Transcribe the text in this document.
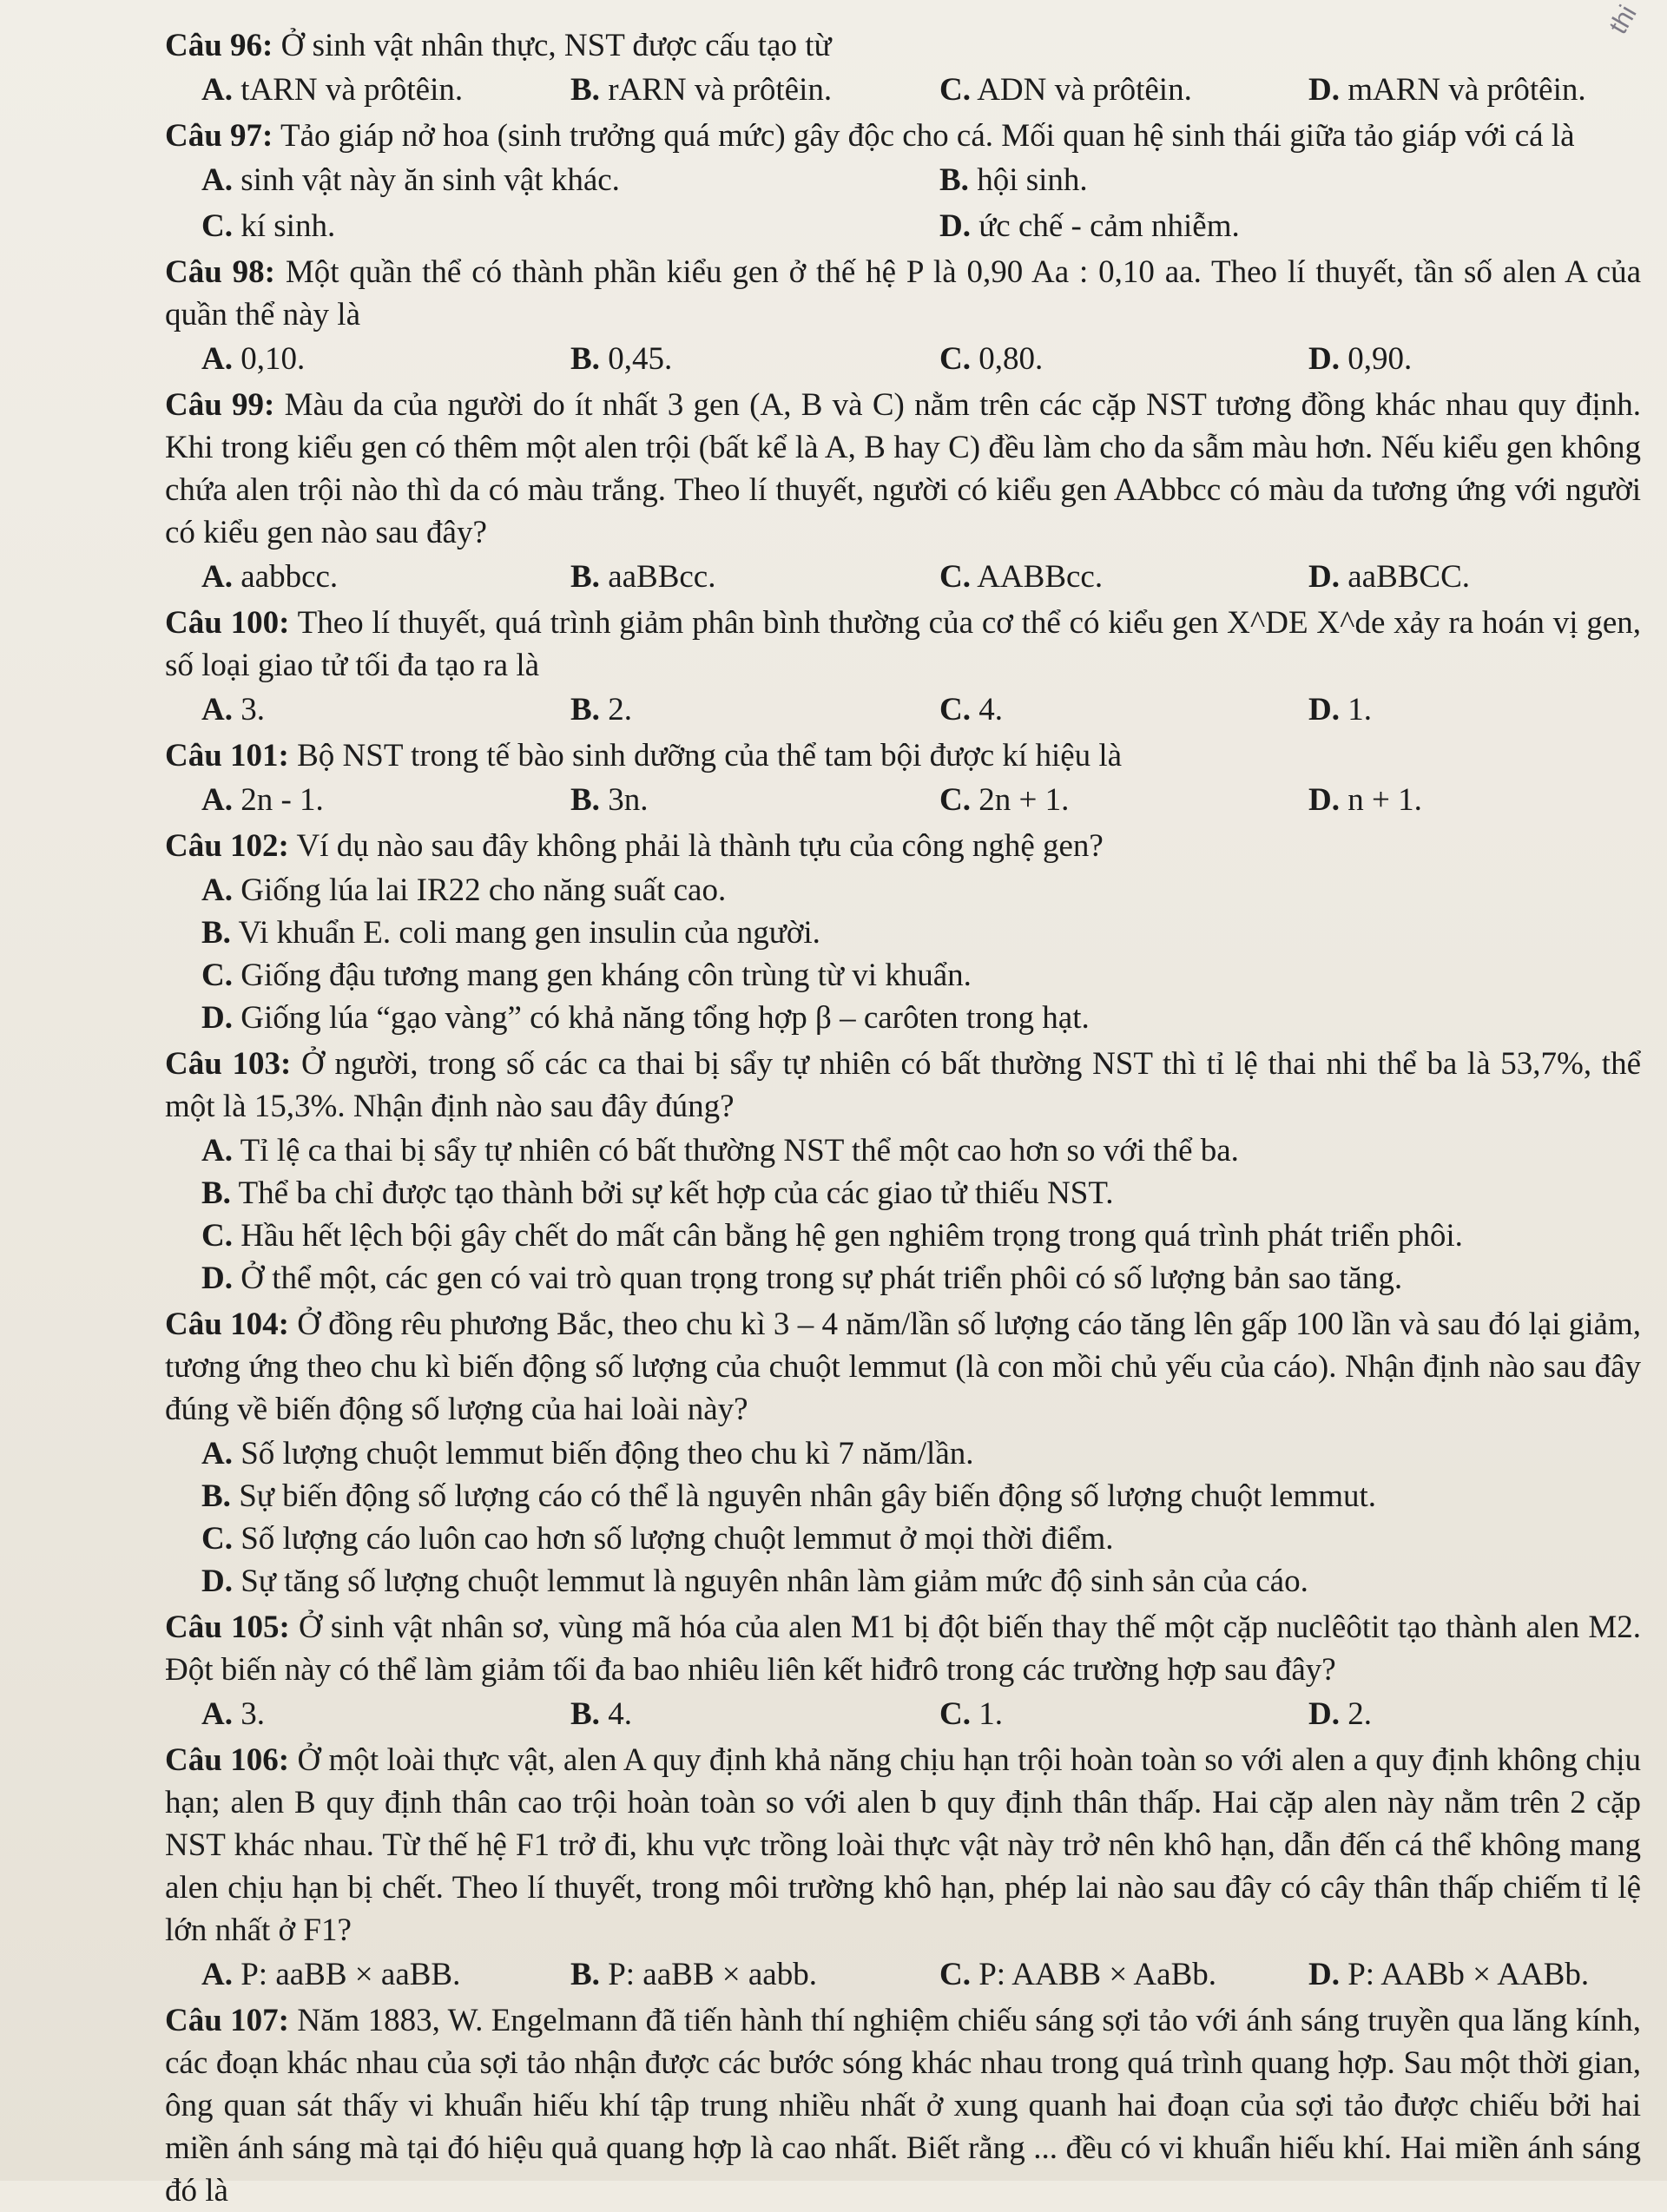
thi

Câu 96: Ở sinh vật nhân thực, NST được cấu tạo từ

A. tARN và prôtêin.	B. rARN và prôtêin.	C. ADN và prôtêin.	D. mARN và prôtêin.

Câu 97: Tảo giáp nở hoa (sinh trưởng quá mức) gây độc cho cá. Mối quan hệ sinh thái giữa tảo giáp với cá là

A. sinh vật này ăn sinh vật khác.	B. hội sinh.
C. kí sinh.	D. ức chế - cảm nhiễm.

Câu 98: Một quần thể có thành phần kiểu gen ở thế hệ P là 0,90 Aa : 0,10 aa. Theo lí thuyết, tần số alen A của quần thể này là

A. 0,10.	B. 0,45.	C. 0,80.	D. 0,90.

Câu 99: Màu da của người do ít nhất 3 gen (A, B và C) nằm trên các cặp NST tương đồng khác nhau quy định. Khi trong kiểu gen có thêm một alen trội (bất kể là A, B hay C) đều làm cho da sẫm màu hơn. Nếu kiểu gen không chứa alen trội nào thì da có màu trắng. Theo lí thuyết, người có kiểu gen AAbbcc có màu da tương ứng với người có kiểu gen nào sau đây?

A. aabbcc.	B. aaBBcc.	C. AABBcc.	D. aaBBCC.

Câu 100: Theo lí thuyết, quá trình giảm phân bình thường của cơ thể có kiểu gen X^DE X^de xảy ra hoán vị gen, số loại giao tử tối đa tạo ra là

A. 3.	B. 2.	C. 4.	D. 1.

Câu 101: Bộ NST trong tế bào sinh dưỡng của thể tam bội được kí hiệu là

A. 2n - 1.	B. 3n.	C. 2n + 1.	D. n + 1.

Câu 102: Ví dụ nào sau đây không phải là thành tựu của công nghệ gen?

A. Giống lúa lai IR22 cho năng suất cao.
B. Vi khuẩn E. coli mang gen insulin của người.
C. Giống đậu tương mang gen kháng côn trùng từ vi khuẩn.
D. Giống lúa “gạo vàng” có khả năng tổng hợp β – carôten trong hạt.

Câu 103: Ở người, trong số các ca thai bị sẩy tự nhiên có bất thường NST thì tỉ lệ thai nhi thể ba là 53,7%, thể một là 15,3%. Nhận định nào sau đây đúng?

A. Tỉ lệ ca thai bị sẩy tự nhiên có bất thường NST thể một cao hơn so với thể ba.
B. Thể ba chỉ được tạo thành bởi sự kết hợp của các giao tử thiếu NST.
C. Hầu hết lệch bội gây chết do mất cân bằng hệ gen nghiêm trọng trong quá trình phát triển phôi.
D. Ở thể một, các gen có vai trò quan trọng trong sự phát triển phôi có số lượng bản sao tăng.

Câu 104: Ở đồng rêu phương Bắc, theo chu kì 3 – 4 năm/lần số lượng cáo tăng lên gấp 100 lần và sau đó lại giảm, tương ứng theo chu kì biến động số lượng của chuột lemmut (là con mồi chủ yếu của cáo). Nhận định nào sau đây đúng về biến động số lượng của hai loài này?

A. Số lượng chuột lemmut biến động theo chu kì 7 năm/lần.
B. Sự biến động số lượng cáo có thể là nguyên nhân gây biến động số lượng chuột lemmut.
C. Số lượng cáo luôn cao hơn số lượng chuột lemmut ở mọi thời điểm.
D. Sự tăng số lượng chuột lemmut là nguyên nhân làm giảm mức độ sinh sản của cáo.

Câu 105: Ở sinh vật nhân sơ, vùng mã hóa của alen M1 bị đột biến thay thế một cặp nuclêôtit tạo thành alen M2. Đột biến này có thể làm giảm tối đa bao nhiêu liên kết hiđrô trong các trường hợp sau đây?

A. 3.	B. 4.	C. 1.	D. 2.

Câu 106: Ở một loài thực vật, alen A quy định khả năng chịu hạn trội hoàn toàn so với alen a quy định không chịu hạn; alen B quy định thân cao trội hoàn toàn so với alen b quy định thân thấp. Hai cặp alen này nằm trên 2 cặp NST khác nhau. Từ thế hệ F1 trở đi, khu vực trồng loài thực vật này trở nên khô hạn, dẫn đến cá thể không mang alen chịu hạn bị chết. Theo lí thuyết, trong môi trường khô hạn, phép lai nào sau đây có cây thân thấp chiếm tỉ lệ lớn nhất ở F1?

A. P: aaBB × aaBB.	B. P: aaBB × aabb.	C. P: AABB × AaBb.	D. P: AABb × AABb.

Câu 107: Năm 1883, W. Engelmann đã tiến hành thí nghiệm chiếu sáng sợi tảo với ánh sáng truyền qua lăng kính, các đoạn khác nhau của sợi tảo nhận được các bước sóng khác nhau trong quá trình quang hợp. Sau một thời gian, ông quan sát thấy vi khuẩn hiếu khí tập trung nhiều nhất ở xung quanh hai đoạn của sợi tảo được chiếu bởi hai miền ánh sáng mà tại đó hiệu quả quang hợp là cao nhất. Biết rằng ... đều có vi khuẩn hiếu khí. Hai miền ánh sáng đó là
